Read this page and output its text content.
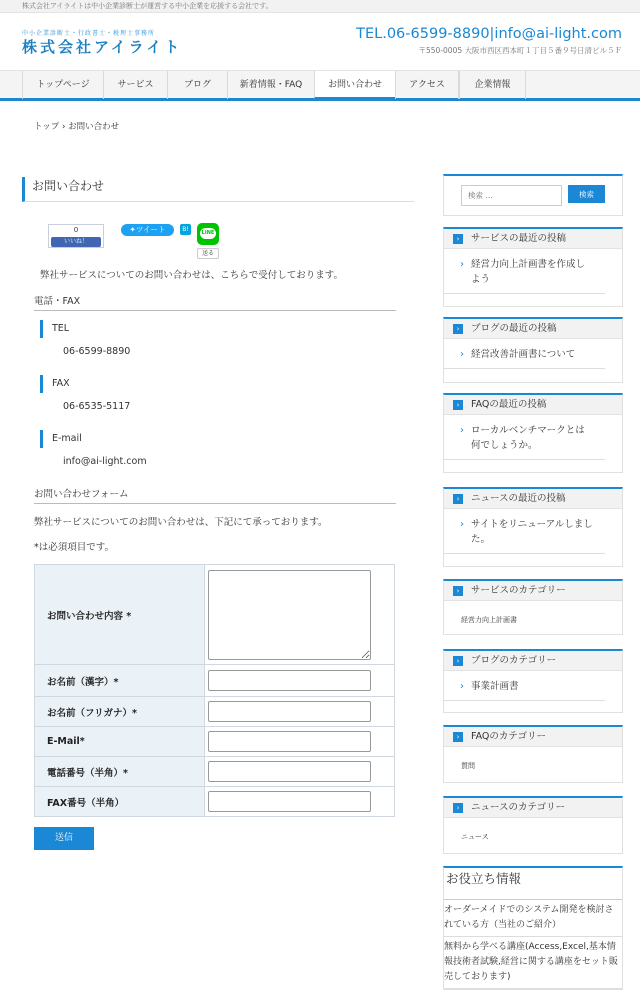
株式会社アイライトは中小企業診断士が運営する中小企業を応援する会社です。
中小企業診断士・行政書士・税理士事務所
株式会社アイライト
TEL.06-6599-8890|info@ai-light.com
〒550-0005 大阪市西区西本町１丁目５番９号日清ビル５Ｆ
トップページ	サービス	ブログ	新着情報・FAQ	お問い合わせ	アクセス	企業情報
トップ › お問い合わせ
お問い合わせ
0
いいね！
✦ツイート	B!	LINE
送る
弊社サービスについてのお問い合わせは、こちらで受付しております。
電話・FAX
TEL
06-6599-8890
FAX
06-6535-5117
E-mail
info@ai-light.com
お問い合わせフォーム
弊社サービスについてのお問い合わせは、下記にて承っております。
*は必須項目です。
お問い合わせ内容 *	

お名前（漢字）*	

お名前（フリガナ）*	

E-Mail*	

電話番号（半角）*	

FAX番号（半角）	
送信
検索 …
検索
›	サービスの最近の投稿
› 経営力向上計画書を作成しよう
›	ブログの最近の投稿
› 経営改善計画書について
›	FAQの最近の投稿
› ローカルベンチマークとは何でしょうか。
›	ニュースの最近の投稿
› サイトをリニューアルしました。
›	サービスのカテゴリー
経営力向上計画書
›	ブログのカテゴリー
› 事業計画書
›	FAQのカテゴリー
質問
›	ニュースのカテゴリー
ニュース
お役立ち情報
オーダーメイドでのシステム開発を検討されている方（当社のご紹介）
無料から学べる講座(Access,Excel,基本情報技術者試験,経営に関する講座をセット販売しております)
